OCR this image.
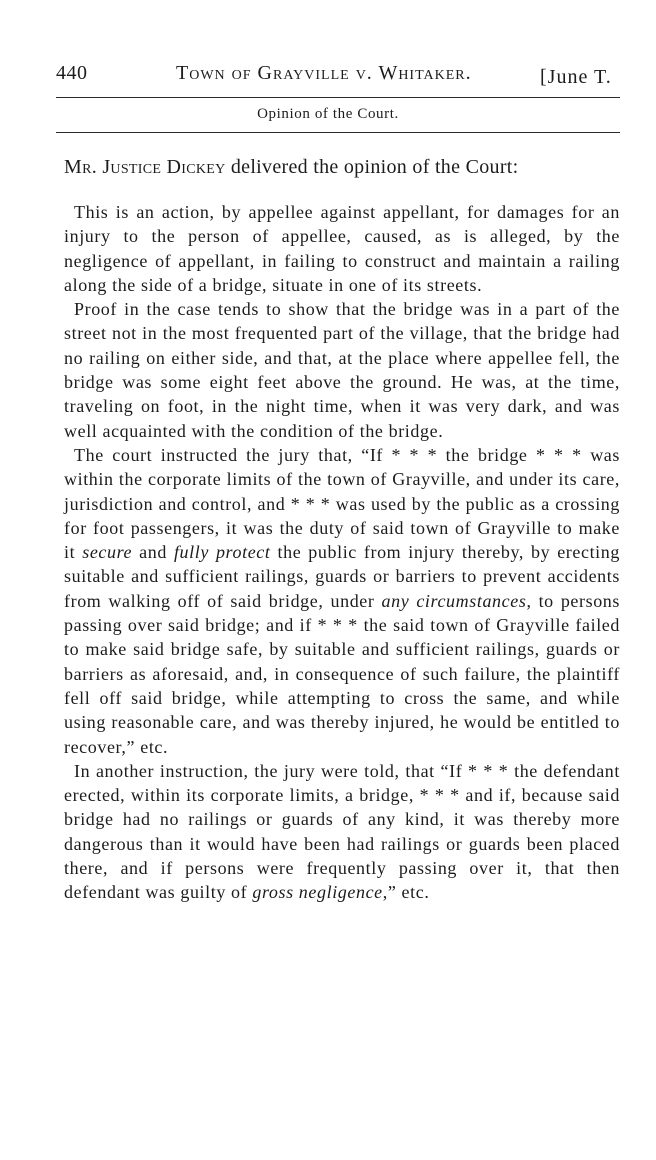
440	Town of Grayville v. Whitaker.	[June T.
Opinion of the Court.
Mr. Justice Dickey delivered the opinion of the Court:

This is an action, by appellee against appellant, for damages for an injury to the person of appellee, caused, as is alleged, by the negligence of appellant, in failing to construct and maintain a railing along the side of a bridge, situate in one of its streets.

Proof in the case tends to show that the bridge was in a part of the street not in the most frequented part of the village, that the bridge had no railing on either side, and that, at the place where appellee fell, the bridge was some eight feet above the ground. He was, at the time, traveling on foot, in the night time, when it was very dark, and was well acquainted with the condition of the bridge.

The court instructed the jury that, “If * * * the bridge * * * was within the corporate limits of the town of Grayville, and under its care, jurisdiction and control, and * * * was used by the public as a crossing for foot passengers, it was the duty of said town of Grayville to make it secure and fully protect the public from injury thereby, by erecting suitable and sufficient railings, guards or barriers to prevent accidents from walking off of said bridge, under any circumstances, to persons passing over said bridge; and if * * * the said town of Grayville failed to make said bridge safe, by suitable and sufficient railings, guards or barriers as aforesaid, and, in consequence of such failure, the plaintiff fell off said bridge, while attempting to cross the same, and while using reasonable care, and was thereby injured, he would be entitled to recover,” etc.

In another instruction, the jury were told, that “If * * * the defendant erected, within its corporate limits, a bridge, * * * and if, because said bridge had no railings or guards of any kind, it was thereby more dangerous than it would have been had railings or guards been placed there, and if persons were frequently passing over it, that then defendant was guilty of gross negligence,” etc.
